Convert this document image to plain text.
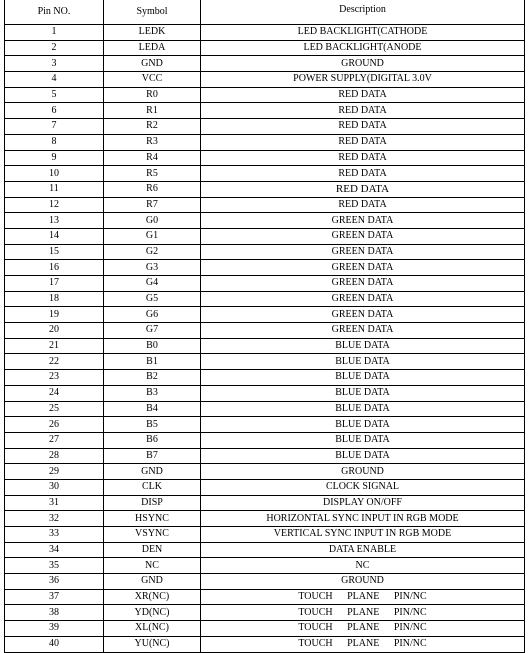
Pin NO.	Symbol	Description
1	LEDK	LED BACKLIGHT(CATHODE
2	LEDA	LED BACKLIGHT(ANODE
3	GND	GROUND
4	VCC	POWER SUPPLY(DIGITAL 3.0V
5	R0	RED DATA
6	R1	RED DATA
7	R2	RED DATA
8	R3	RED DATA
9	R4	RED DATA
10	R5	RED DATA
11	R6	RED DATA
12	R7	RED DATA
13	G0	GREEN DATA
14	G1	GREEN DATA
15	G2	GREEN DATA
16	G3	GREEN DATA
17	G4	GREEN DATA
18	G5	GREEN DATA
19	G6	GREEN DATA
20	G7	GREEN DATA
21	B0	BLUE DATA
22	B1	BLUE DATA
23	B2	BLUE DATA
24	B3	BLUE DATA
25	B4	BLUE DATA
26	B5	BLUE DATA
27	B6	BLUE DATA
28	B7	BLUE DATA
29	GND	GROUND
30	CLK	CLOCK SIGNAL
31	DISP	DISPLAY ON/OFF
32	HSYNC	HORIZONTAL SYNC INPUT IN RGB MODE
33	VSYNC	VERTICAL SYNC INPUT IN RGB MODE
34	DEN	DATA ENABLE
35	NC	NC
36	GND	GROUND
37	XR(NC)	TOUCH PLANE PIN/NC
38	YD(NC)	TOUCH PLANE PIN/NC
39	XL(NC)	TOUCH PLANE PIN/NC
40	YU(NC)	TOUCH PLANE PIN/NC
